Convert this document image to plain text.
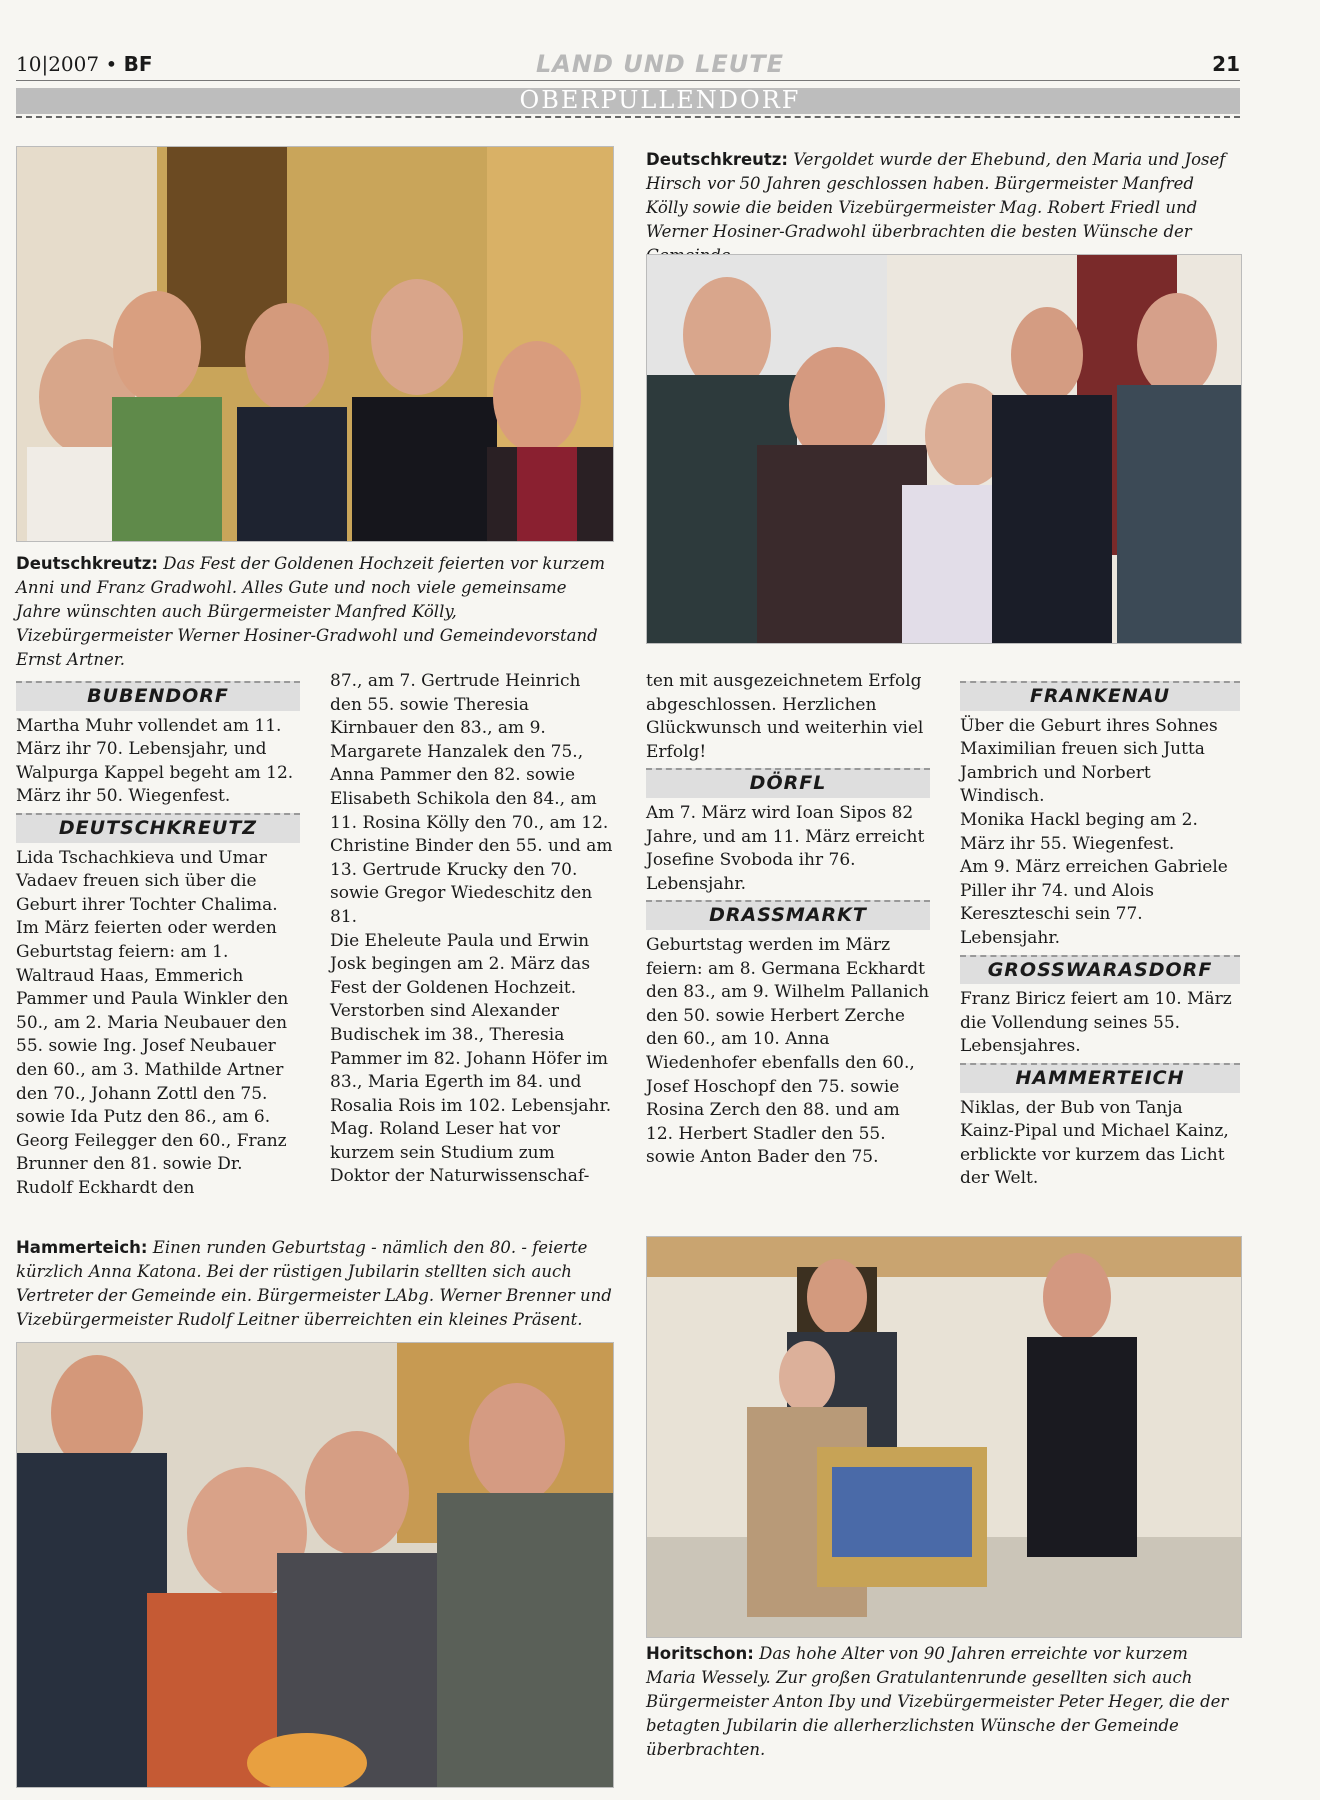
10|2007 • BF	LAND UND LEUTE	21
OBERPULLENDORF
Deutschkreutz: Vergoldet wurde der Ehebund, den Maria und Josef Hirsch vor 50 Jahren geschlossen haben. Bürgermeister Manfred Kölly sowie die beiden Vizebürgermeister Mag. Robert Friedl und Werner Hosiner-Gradwohl überbrachten die besten Wünsche der
Deutschkreutz: Das Fest der Goldenen Hochzeit feierten vor kurzem Anni und Franz Gradwohl. Alles Gute und noch viele gemeinsame Jahre wünschten auch Bürgermeister Manfred Kölly, Vizebürgermeister Werner Hosiner-Gradwohl und Gemeindevorstand Ernst Artner.
BUBENDORF

Martha Muhr vollendet am 11. März ihr 70. Lebensjahr, und Walpurga Kappel begeht am 12. März ihr 50. Wiegenfest.

DEUTSCHKREUTZ

Lida Tschachkieva und Umar Vadaev freuen sich über die Geburt ihrer Tochter Chalima. Im März feierten oder werden Geburtstag feiern: am 1. Waltraud Haas, Emmerich Pammer und Paula Winkler den 50., am 2. Maria Neubauer den 55. sowie Ing. Josef Neubauer den 60., am 3. Mathilde Artner den 70., Johann Zottl den 75. sowie Ida Putz den 86., am 6. Georg Feilegger den 60., Franz Brunner den 81. sowie Dr. Rudolf Eckhardt den

87., am 7. Gertrude Heinrich den 55. sowie Theresia Kirnbauer den 83., am 9. Margarete Hanzalek den 75., Anna Pammer den 82. sowie Elisabeth Schikola den 84., am 11. Rosina Kölly den 70., am 12. Christine Binder den 55. und am 13. Gertrude Krucky den 70. sowie Gregor Wiedeschitz den 81.

Die Eheleute Paula und Erwin Josk begingen am 2. März das Fest der Goldenen Hochzeit. Verstorben sind Alexander Budischek im 38., Theresia Pammer im 82. Johann Höfer im 83., Maria Egerth im 84. und Rosalia Rois im 102. Lebensjahr.

Mag. Roland Leser hat vor kurzem sein Studium zum Doktor der Naturwissenschaf-

ten mit ausgezeichnetem Erfolg abgeschlossen. Herzlichen Glückwunsch und weiterhin viel Erfolg!

DÖRFL

Am 7. März wird Ioan Sipos 82 Jahre, und am 11. März erreicht Josefine Svoboda ihr 76. Lebensjahr.

DRASSMARKT

Geburtstag werden im März feiern: am 8. Germana Eckhardt den 83., am 9. Wilhelm Pallanich den 50. sowie Herbert Zerche den 60., am 10. Anna Wiedenhofer ebenfalls den 60., Josef Hoschopf den 75. sowie Rosina Zerch den 88. und am 12. Herbert Stadler den 55. sowie Anton Bader den 75.

FRANKENAU

Über die Geburt ihres Sohnes Maximilian freuen sich Jutta Jambrich und Norbert Windisch.

Monika Hackl beging am 2. März ihr 55. Wiegenfest.

Am 9. März erreichen Gabriele Piller ihr 74. und Alois Kereszteschi sein 77. Lebensjahr.

GROSSWARASDORF

Franz Biricz feiert am 10. März die Vollendung seines 55. Lebensjahres.

HAMMERTEICH

Niklas, der Bub von Tanja Kainz-Pipal und Michael Kainz, erblickte vor kurzem das Licht der Welt.

Hammerteich: Einen runden Geburtstag - nämlich den 80. - feierte kürzlich Anna Katona. Bei der rüstigen Jubilarin stellten sich auch Vertreter der Gemeinde ein. Bürgermeister LAbg. Werner Brenner und Vizebürgermeister Rudolf Leitner überreichten ein kleines Präsent.
Horitschon: Das hohe Alter von 90 Jahren erreichte vor kurzem Maria Wessely. Zur großen Gratulantenrunde gesellten sich auch Bürgermeister Anton Iby und Vizebürgermeister Peter Heger, die der betagten Jubilarin die allerherzlichsten Wünsche der Gemeinde überbrachten.
